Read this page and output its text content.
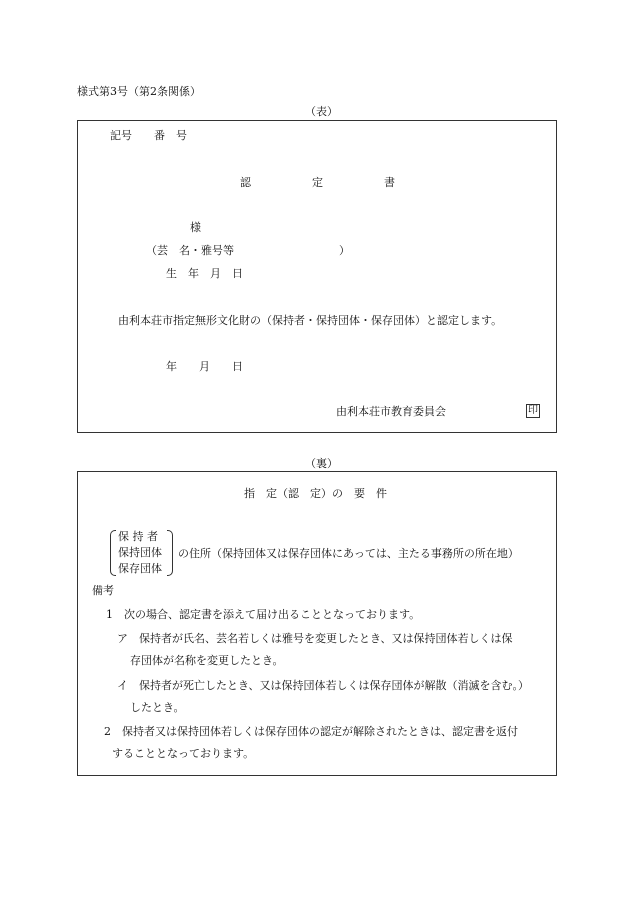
様式第3号（第2条関係）
（表）
記号　　番　号
認	定	書
様
（芸　名・雅号等	）
生　年　月　日
由利本荘市指定無形文化財の（保持者・保持団体・保存団体）と認定します。
年　　月　　日
由利本荘市教育委員会	印
（裏）
指　定（認　定）の　要　件
保 持 者
保持団体
保存団体
の住所（保持団体又は保存団体にあっては、主たる事務所の所在地）
備考
1　次の場合、認定書を添えて届け出ることとなっております。
ア　保持者が氏名、芸名若しくは雅号を変更したとき、又は保持団体若しくは保
存団体が名称を変更したとき。
イ　保持者が死亡したとき、又は保持団体若しくは保存団体が解散（消滅を含む。）
したとき。
2　保持者又は保持団体若しくは保存団体の認定が解除されたときは、認定書を返付
することとなっております。
